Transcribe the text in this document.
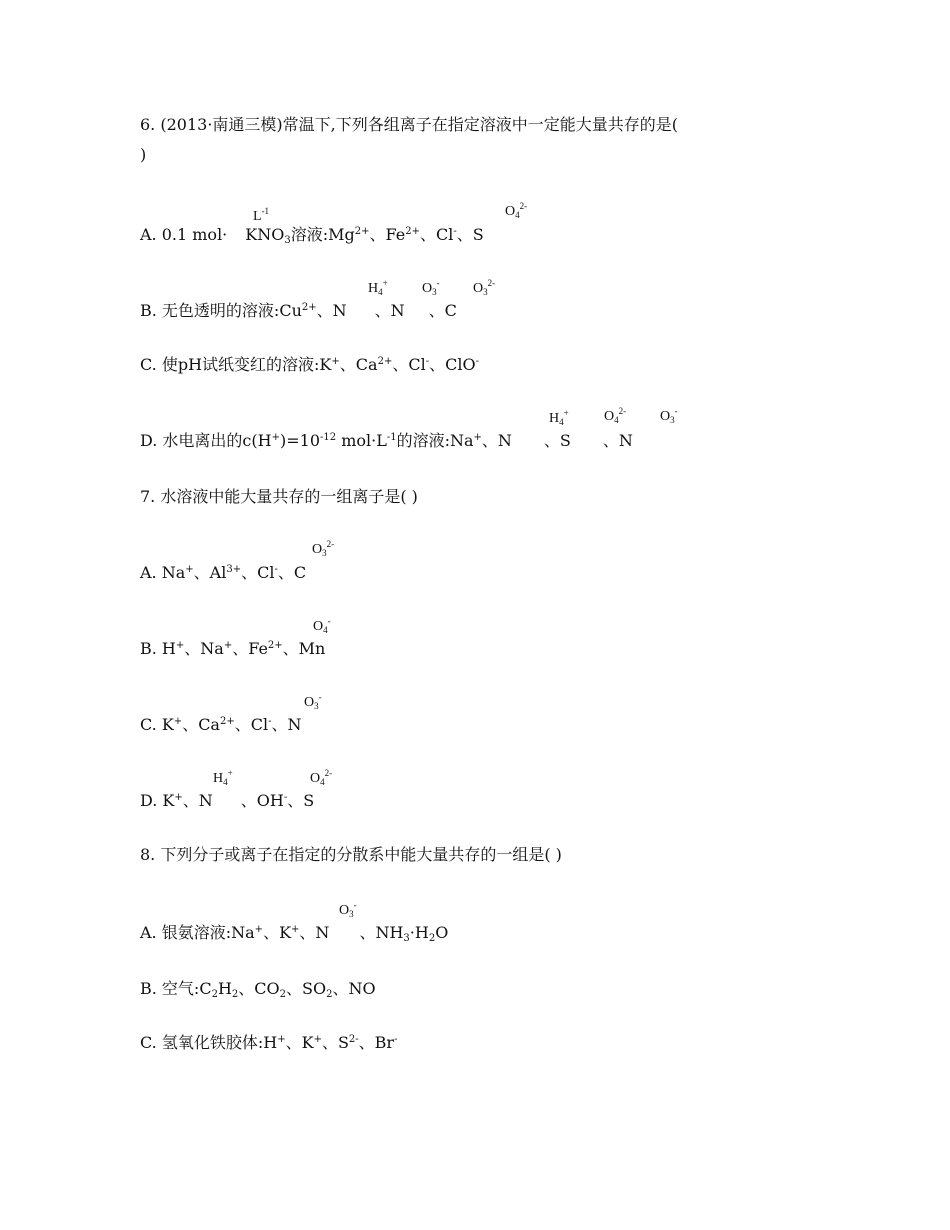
6. (2013·南通三模)常温下,下列各组离子在指定溶液中一定能大量共存的是(
)
$L^{-1}$	$O_4^{2-}$
A. 0.1 $mol\cdot KNO_3$溶液$:Mg^{2+}$、$Fe^{2+}$、Cl-、S
$H_4^+$ $O_3^-$ $O_3^{2-}$
B. 无色透明的溶液$:Cu^{2+}$、N 、N 、C
C. 使pH试纸变红的溶液:K+、$Ca^{2+}$、Cl-、ClO-
$H_4^+$	$O_4^{2-}$ $O_3^-$
D. 水电离出的$c(H^+)=10^{-12}$ $mol\cdot L^{-1}$的溶液:Na+、N 、S 、N
7. 水溶液中能大量共存的一组离子是( )
$O_3^{2-}$
A. Na+、$Al^{3+}$、Cl-、C
$O_4^-$
B. H+、Na+、$Fe^{2+}$、Mn
$O_3^-$
C. K+、$Ca^{2+}$、Cl-、N
$H_4^+$	$O_4^{2-}$
D. K+、N 、OH-、S
8. 下列分子或离子在指定的分散系中能大量共存的一组是( )
$O_3^-$
A. 银氨溶液:Na+、K+、N 、$NH_3\cdot H_2O$
B. 空气$:C_2H_2$、$CO_2$、$SO_2$、NO
C. 氢氧化铁胶体:H+、K+、$S^{2-}$、Br-
